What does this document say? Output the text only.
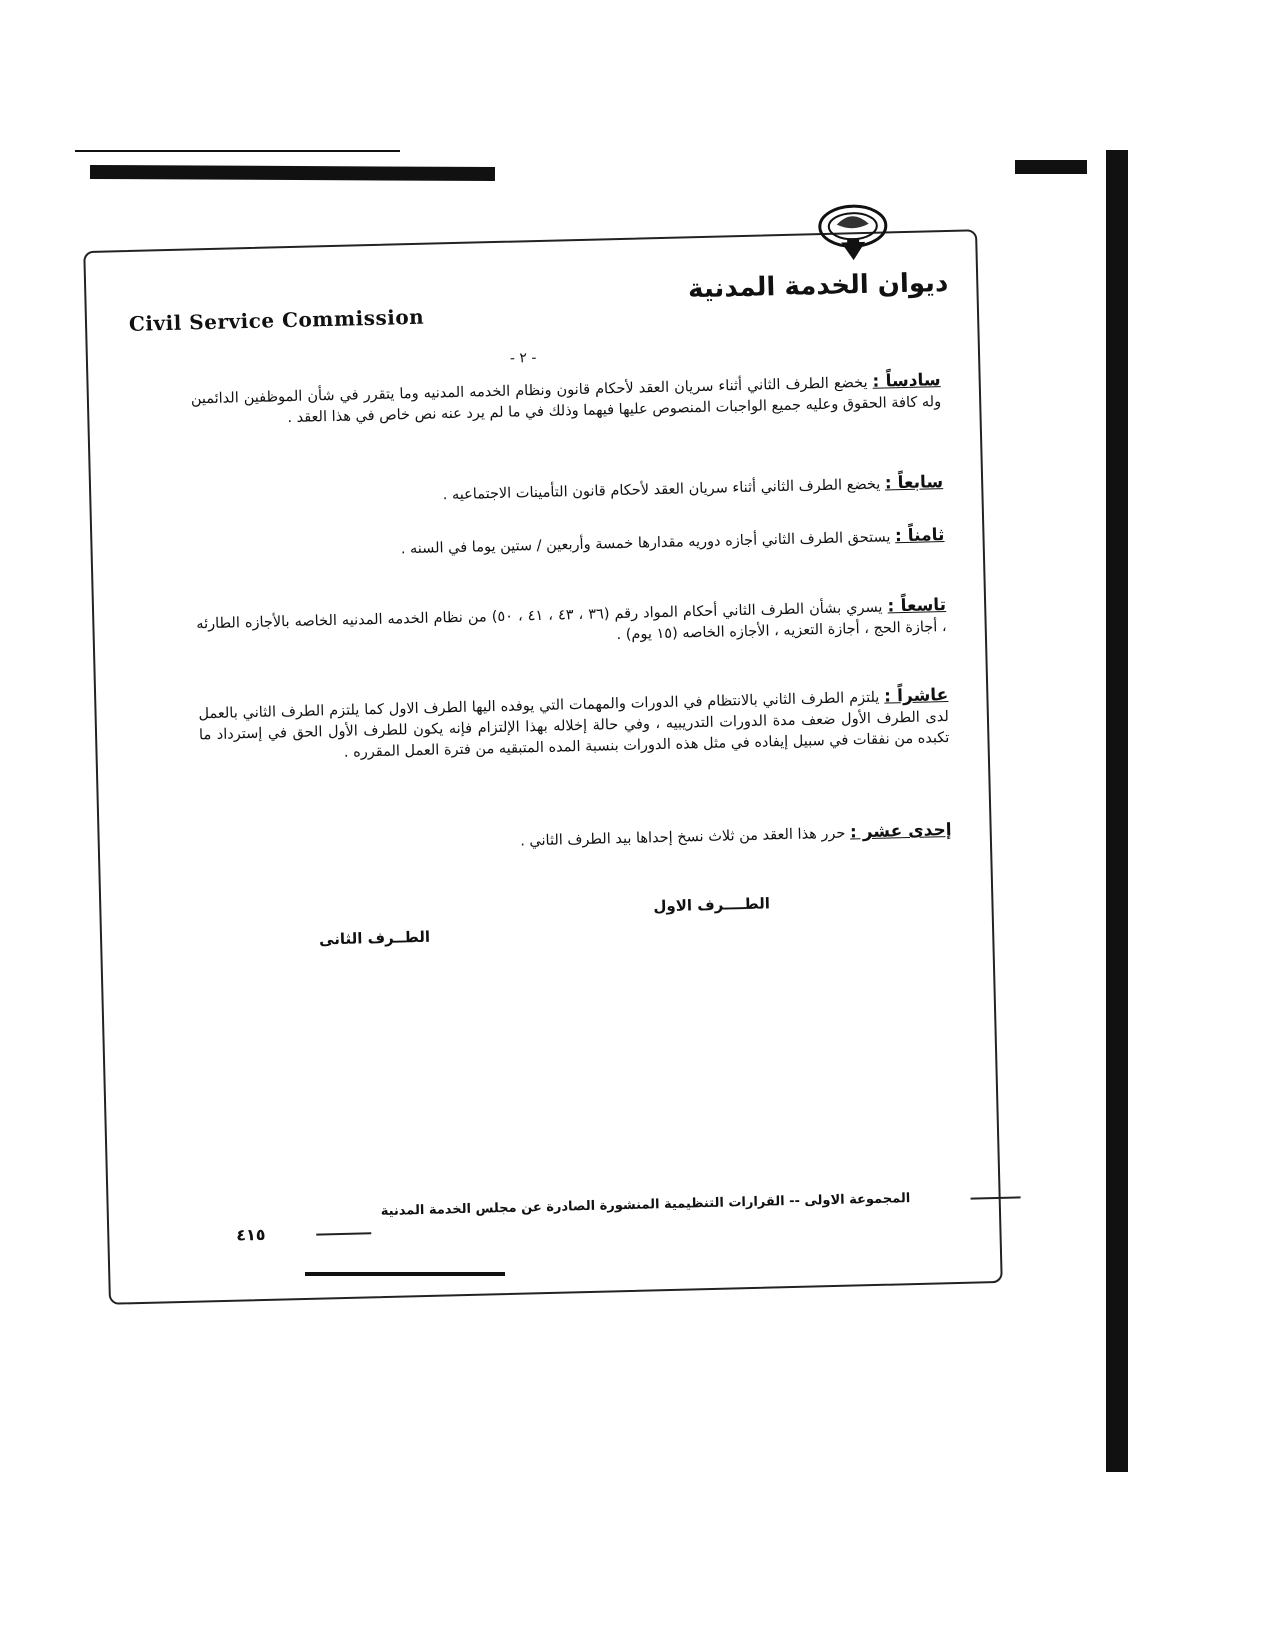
ديوان الخدمة المدنية
Civil Service Commission
- ٢ -
سادساً : يخضع الطرف الثاني أثناء سريان العقد لأحكام قانون ونظام الخدمه المدنيه وما يتقرر في شأن الموظفين الدائمين وله كافة الحقوق وعليه جميع الواجبات المنصوص عليها فيهما وذلك في ما لم يرد عنه نص خاص في هذا العقد .
سابعاً : يخضع الطرف الثاني أثناء سريان العقد لأحكام قانون التأمينات الاجتماعيه .
ثامناً : يستحق الطرف الثاني أجازه دوريه مقدارها خمسة وأربعين / ستين يوما في السنه .
تاسعاً : يسري بشأن الطرف الثاني أحكام المواد رقم (٣٦ ، ٤٣ ، ٤١ ، ٥٠) من نظام الخدمه المدنيه الخاصه بالأجازه الطارئه ، أجازة الحج ، أجازة التعزيه ، الأجازه الخاصه (١٥ يوم) .
عاشراً : يلتزم الطرف الثاني بالانتظام في الدورات والمهمات التي يوفده اليها الطرف الاول كما يلتزم الطرف الثاني بالعمل لدى الطرف الأول ضعف مدة الدورات التدريبيه ، وفي حالة إخلاله بهذا الإلتزام فإنه يكون للطرف الأول الحق في إسترداد ما تكبده من نفقات في سبيل إيفاده في مثل هذه الدورات بنسبة المده المتبقيه من فترة العمل المقرره .
إحدى عشر : حرر هذا العقد من ثلاث نسخ إحداها بيد الطرف الثاني .
الطــــرف الاول
الطــرف الثانى
المجموعة الاولى -- القرارات التنظيمية المنشورة الصادرة عن مجلس الخدمة المدنية
٤١٥
